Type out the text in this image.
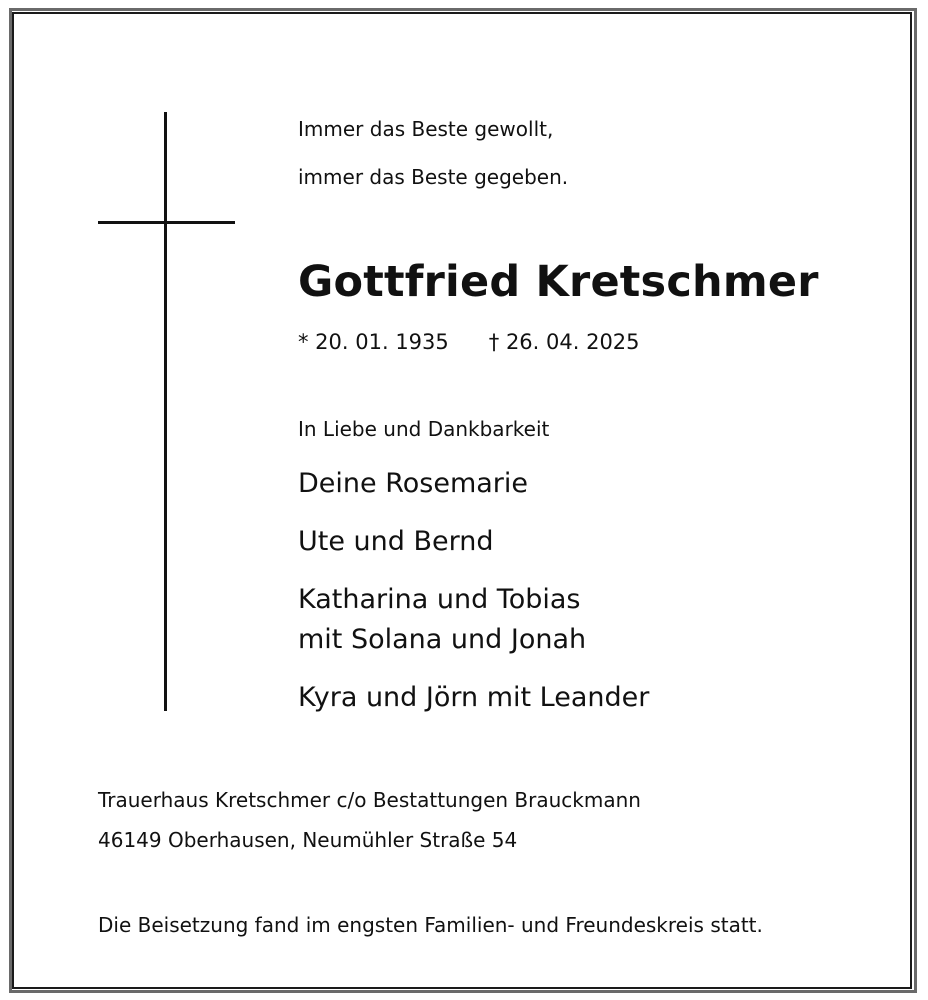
Immer das Beste gewollt,

immer das Beste gegeben.

Gottfried Kretschmer
* 20. 01. 1935 † 26. 04. 2025

In Liebe und Dankbarkeit

Deine Rosemarie

Ute und Bernd

Katharina und Tobias

mit Solana und Jonah

Kyra und Jörn mit Leander

Trauerhaus Kretschmer c/o Bestattungen Brauckmann

46149 Oberhausen, Neumühler Straße 54

Die Beisetzung fand im engsten Familien- und Freundeskreis statt.
